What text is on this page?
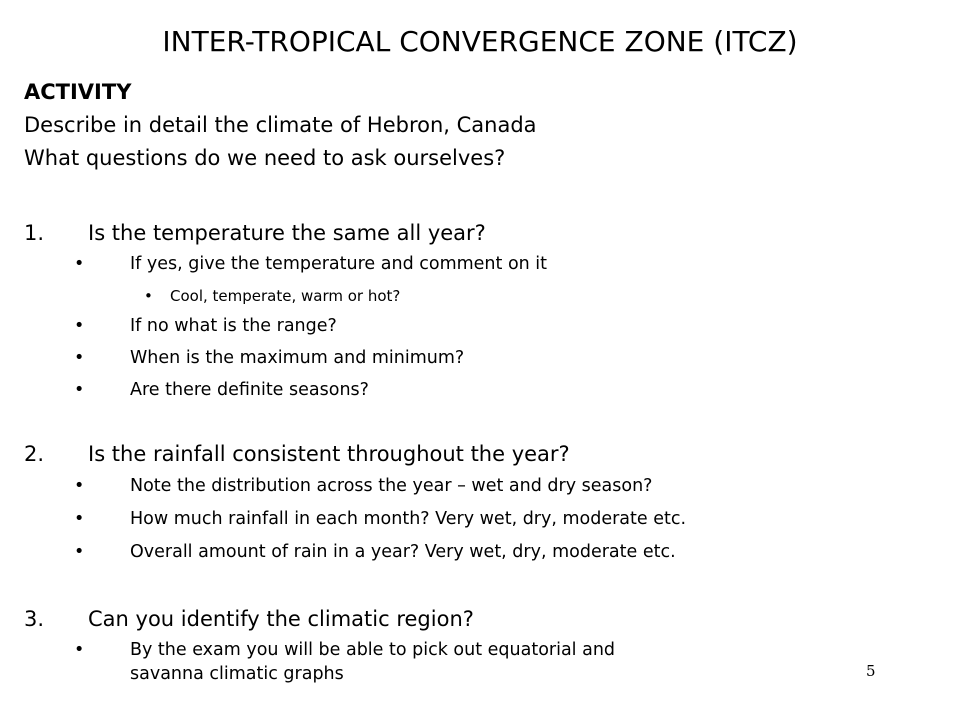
INTER-TROPICAL CONVERGENCE ZONE (ITCZ)
ACTIVITY
Describe in detail the climate of Hebron, Canada
What questions do we need to ask ourselves?
1. Is the temperature the same all year?
•	If yes, give the temperature and comment on it
• Cool, temperate, warm or hot?
•	If no what is the range?
•	When is the maximum and minimum?
•	Are there definite seasons?
2. Is the rainfall consistent throughout the year?
•	Note the distribution across the year – wet and dry season?
•	How much rainfall in each month? Very wet, dry, moderate etc.
•	Overall amount of rain in a year? Very wet, dry, moderate etc.
3. Can you identify the climatic region?
•	By the exam you will be able to pick out equatorial and savanna climatic graphs	5
